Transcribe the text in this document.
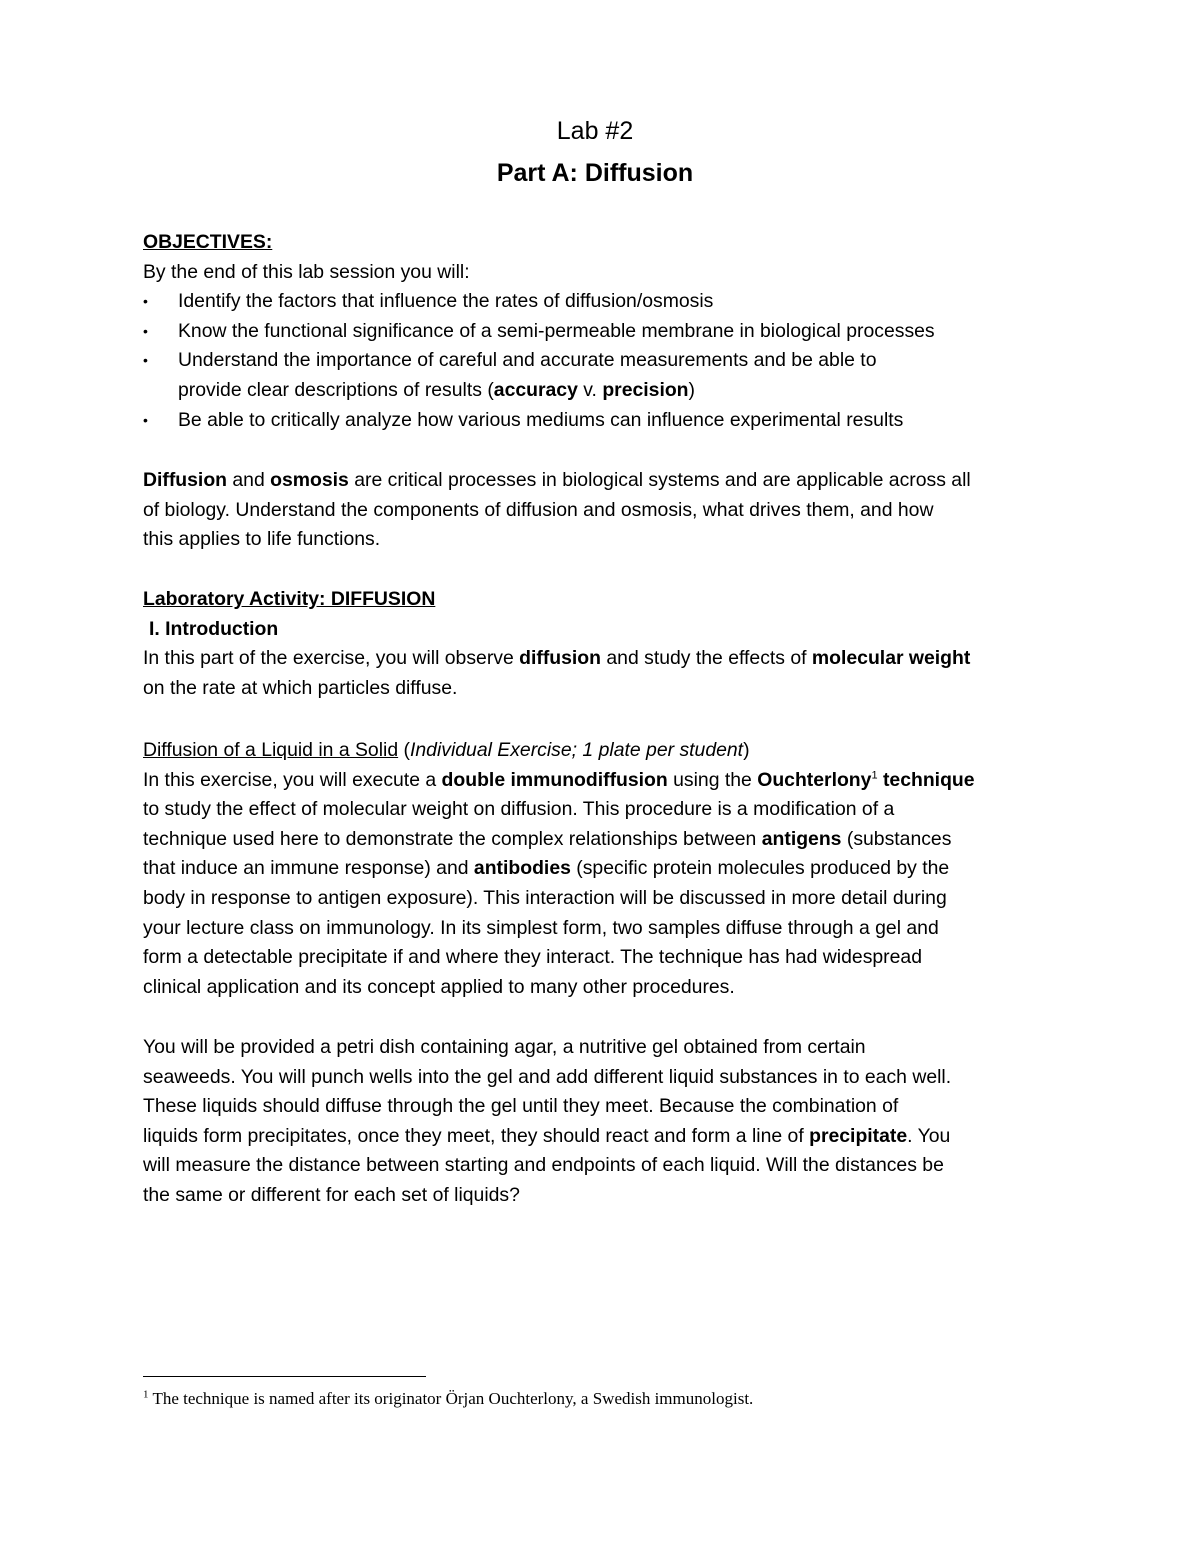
Lab #2
Part A: Diffusion
OBJECTIVES:
By the end of this lab session you will:
•	Identify the factors that influence the rates of diffusion/osmosis
•	Know the functional significance of a semi-permeable membrane in biological processes
•	Understand the importance of careful and accurate measurements and be able to
provide clear descriptions of results (accuracy v. precision)
•	Be able to critically analyze how various mediums can influence experimental results
Diffusion and osmosis are critical processes in biological systems and are applicable across all
of biology. Understand the components of diffusion and osmosis, what drives them, and how
this applies to life functions.
Laboratory Activity: DIFFUSION
I. Introduction
In this part of the exercise, you will observe diffusion and study the effects of molecular weight
on the rate at which particles diffuse.
Diffusion of a Liquid in a Solid (Individual Exercise; 1 plate per student)
In this exercise, you will execute a double immunodiffusion using the Ouchterlony$^1$ technique
to study the effect of molecular weight on diffusion. This procedure is a modification of a
technique used here to demonstrate the complex relationships between antigens (substances
that induce an immune response) and antibodies (specific protein molecules produced by the
body in response to antigen exposure). This interaction will be discussed in more detail during
your lecture class on immunology. In its simplest form, two samples diffuse through a gel and
form a detectable precipitate if and where they interact. The technique has had widespread
clinical application and its concept applied to many other procedures.
You will be provided a petri dish containing agar, a nutritive gel obtained from certain
seaweeds. You will punch wells into the gel and add different liquid substances in to each well.
These liquids should diffuse through the gel until they meet. Because the combination of
liquids form precipitates, once they meet, they should react and form a line of precipitate. You
will measure the distance between starting and endpoints of each liquid. Will the distances be
the same or different for each set of liquids?

$^1$ The technique is named after its originator Örjan Ouchterlony, a Swedish immunologist.
